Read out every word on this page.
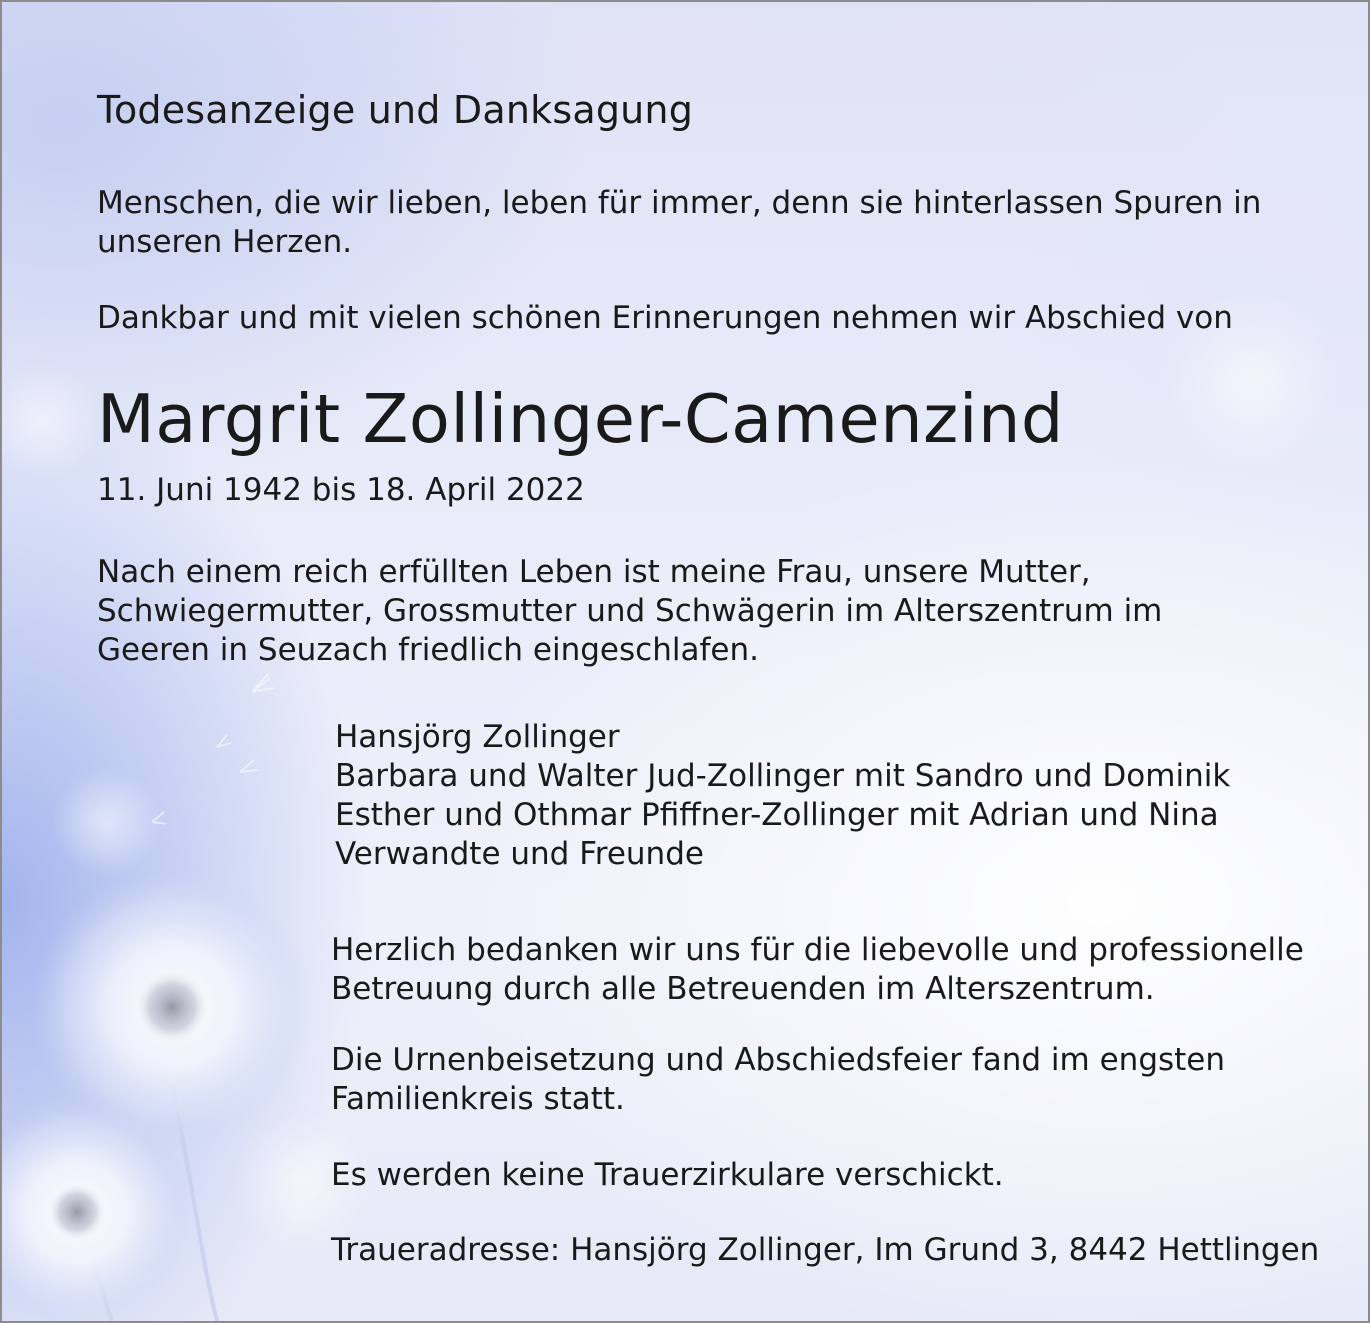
Todesanzeige und Danksagung

Menschen, die wir lieben, leben für immer, denn sie hinterlassen Spuren in
unseren Herzen.

Dankbar und mit vielen schönen Erinnerungen nehmen wir Abschied von

Margrit Zollinger-Camenzind

11. Juni 1942 bis 18. April 2022

Nach einem reich erfüllten Leben ist meine Frau, unsere Mutter,
Schwiegermutter, Grossmutter und Schwägerin im Alterszentrum im
Geeren in Seuzach friedlich eingeschlafen.

Hansjörg Zollinger
Barbara und Walter Jud-Zollinger mit Sandro und Dominik
Esther und Othmar Pfiffner-Zollinger mit Adrian und Nina
Verwandte und Freunde

Herzlich bedanken wir uns für die liebevolle und professionelle
Betreuung durch alle Betreuenden im Alterszentrum.

Die Urnenbeisetzung und Abschiedsfeier fand im engsten
Familienkreis statt.

Es werden keine Trauerzirkulare verschickt.

Traueradresse: Hansjörg Zollinger, Im Grund 3, 8442 Hettlingen
